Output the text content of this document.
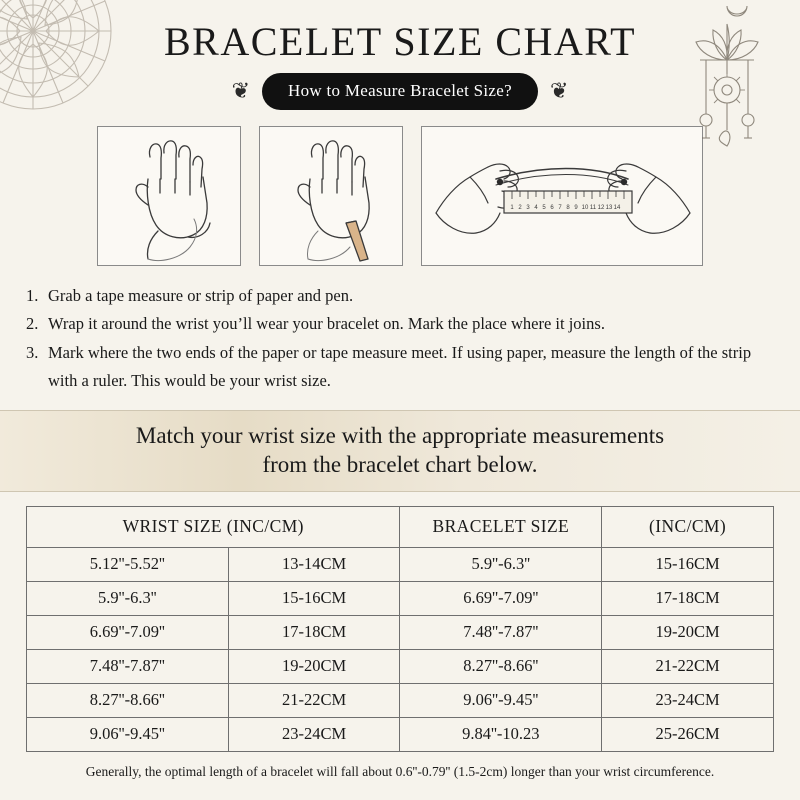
BRACELET SIZE CHART
❦	How to Measure Bracelet Size?	❦
1 2 3 4 5 6 7 8 9 10 11 12 13 14
1. Grab a tape measure or strip of paper and pen.
2. Wrap it around the wrist you’ll wear your bracelet on. Mark the place where it joins.
3. Mark where the two ends of the paper or tape measure meet. If using paper, measure the length of the strip with a ruler. This would be your wrist size.
Match your wrist size with the appropriate measurements
from the bracelet chart below.
WRIST SIZE (INC/CM)		BRACELET SIZE	(INC/CM)
5.12''-5.52''	13-14CM	5.9''-6.3''	15-16CM
5.9''-6.3''	15-16CM	6.69''-7.09''	17-18CM
6.69''-7.09''	17-18CM	7.48''-7.87''	19-20CM
7.48''-7.87''	19-20CM	8.27''-8.66''	21-22CM
8.27''-8.66''	21-22CM	9.06''-9.45''	23-24CM
9.06''-9.45''	23-24CM	9.84''-10.23	25-26CM
Generally, the optimal length of a bracelet will fall about 0.6''-0.79'' (1.5-2cm) longer than your wrist circumference.
